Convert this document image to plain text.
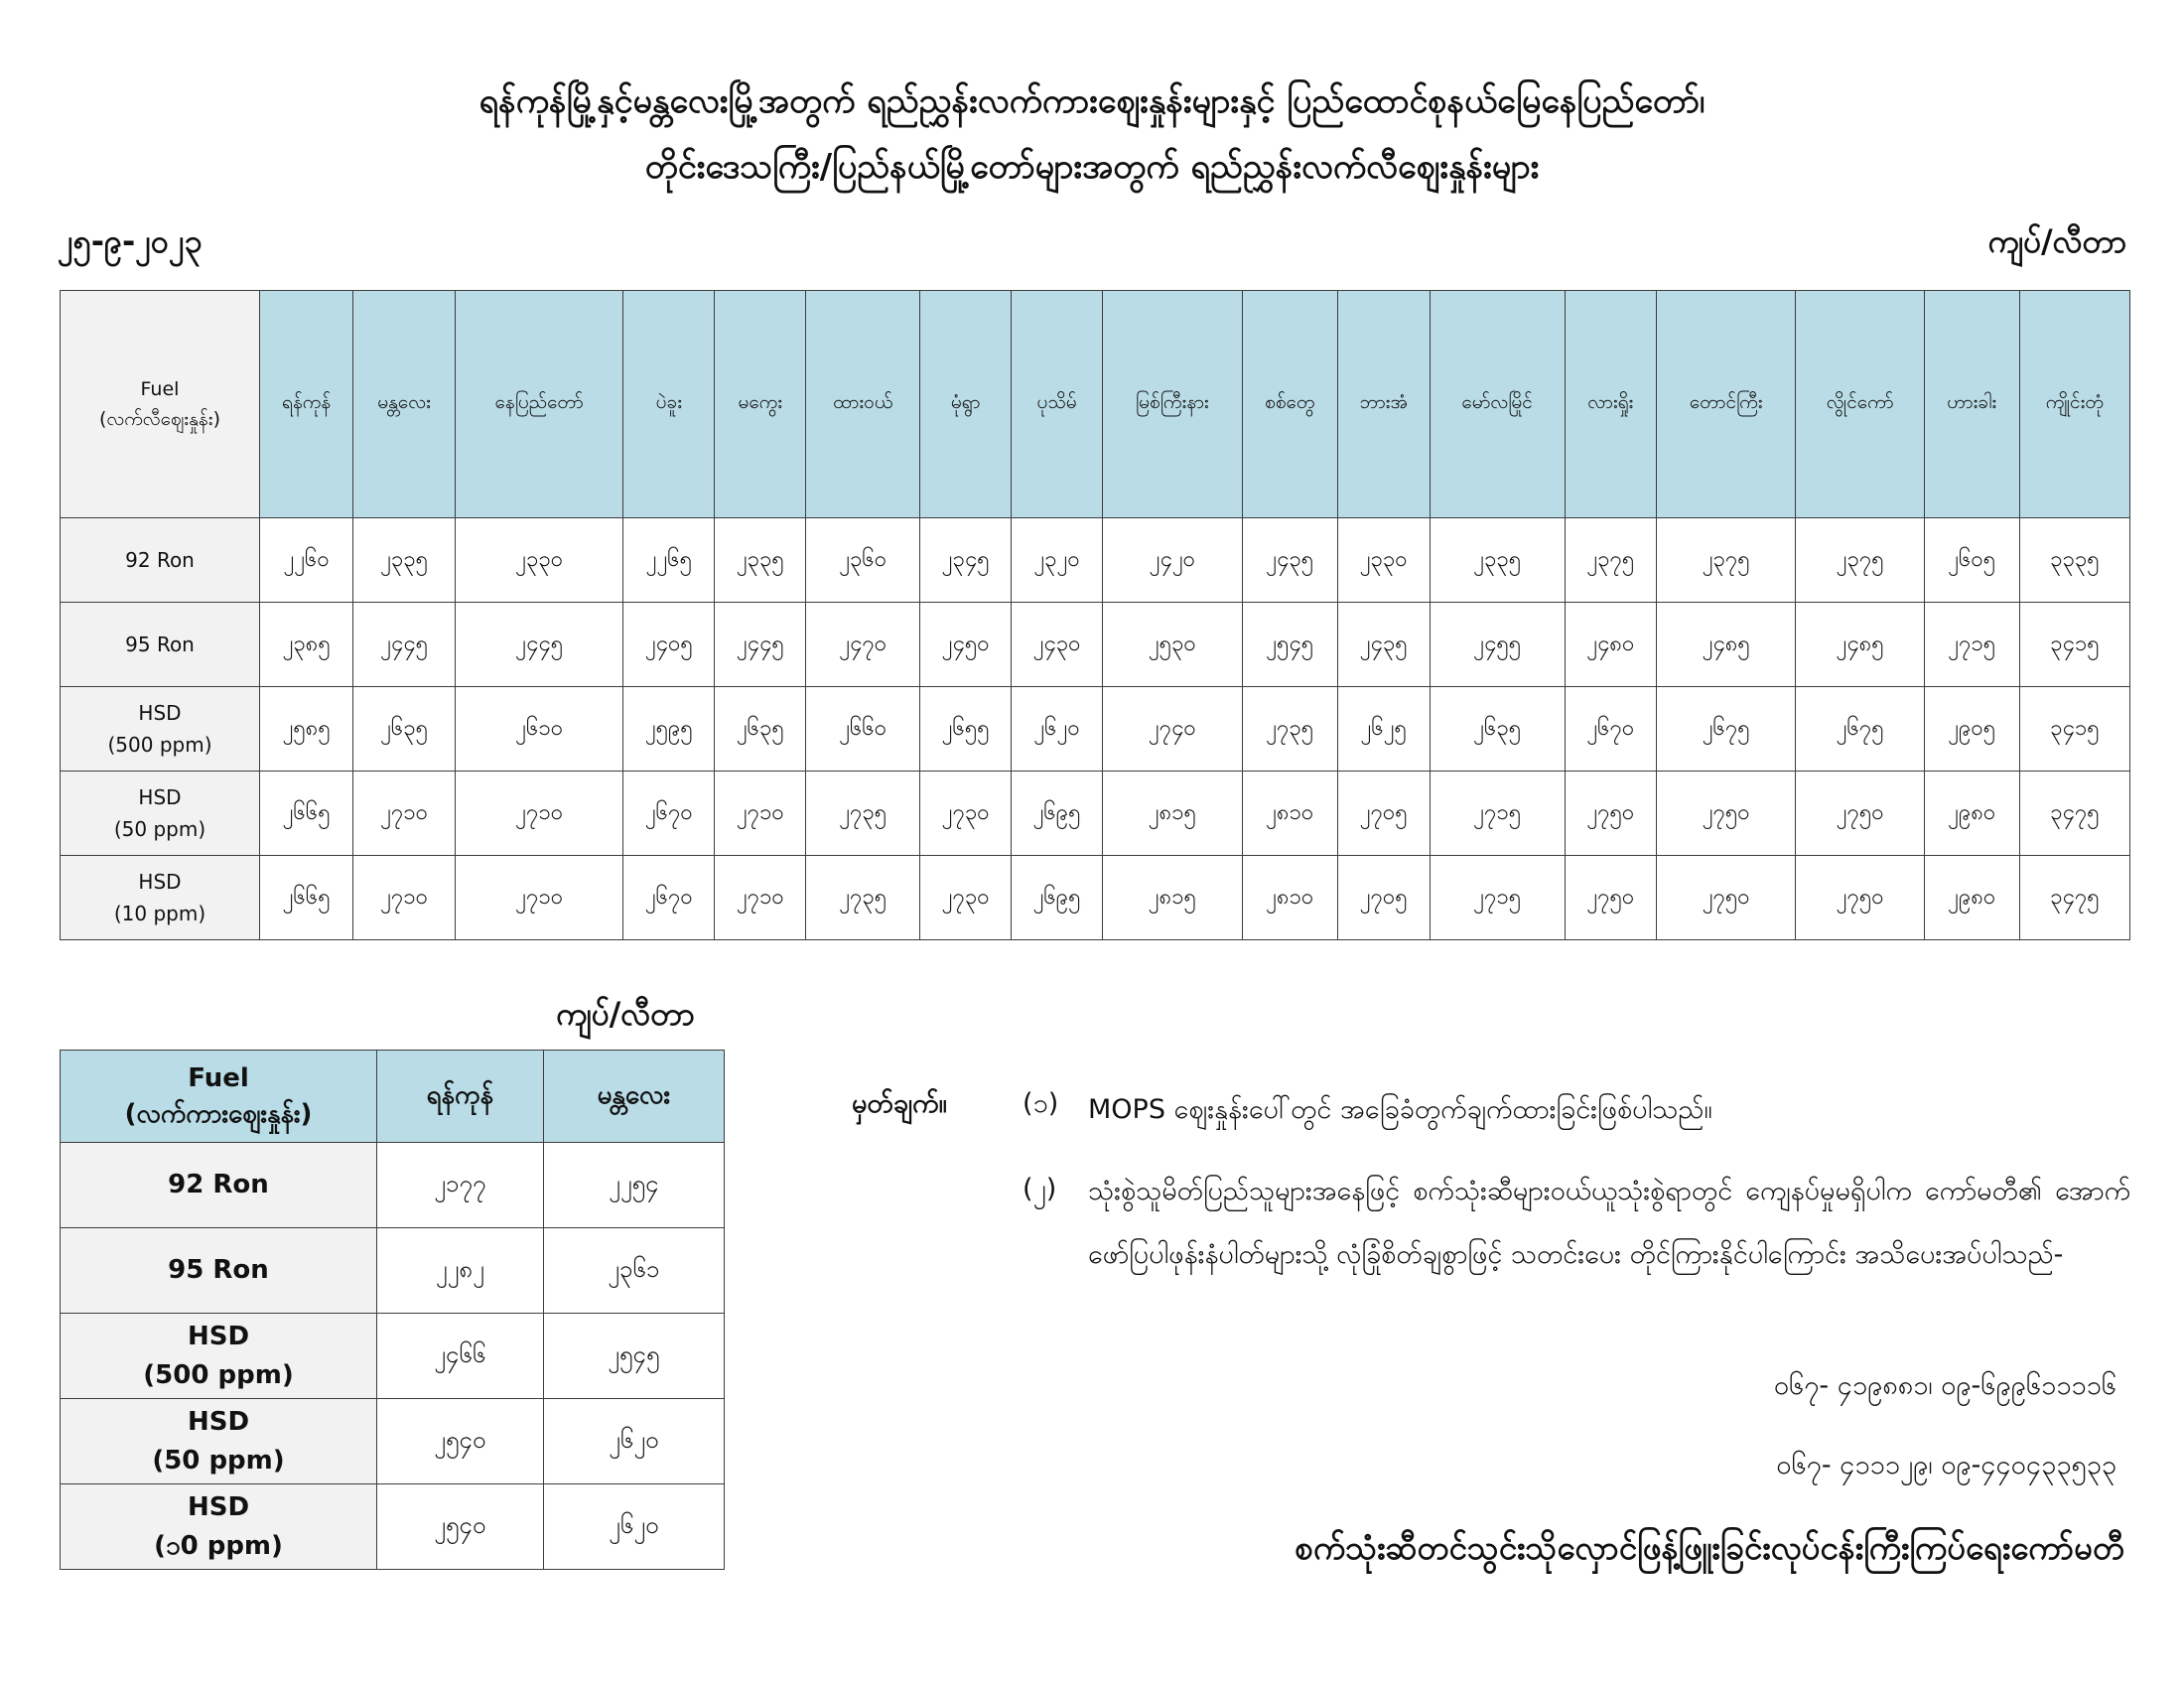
ရန်ကုန်မြို့နှင့်မန္တလေးမြို့အတွက် ရည်ညွှန်းလက်ကားဈေးနှုန်းများနှင့် ပြည်ထောင်စုနယ်မြေနေပြည်တော်၊
တိုင်းဒေသကြီး/ပြည်နယ်မြို့တော်များအတွက် ရည်ညွှန်းလက်လီဈေးနှုန်းများ
၂၅-၉-၂၀၂၃	ကျပ်/လီတာ
Fuel
(လက်လီဈေးနှုန်း)	ရန်ကုန်	မန္တလေး	နေပြည်တော်	ပဲခူး	မကွေး	ထားဝယ်	မုံရွာ	ပုသိမ်	မြစ်ကြီးနား	စစ်တွေ	ဘားအံ	မော်လမြိုင်	လားရှိုး	တောင်ကြီး	လွိုင်ကော်	ဟားခါး	ကျိုင်းတုံ

92 Ron	၂၂၆၀	၂၃၃၅	၂၃၃၀	၂၂၆၅	၂၃၃၅	၂၃၆၀	၂၃၄၅	၂၃၂၀	၂၄၂၀	၂၄၃၅	၂၃၃၀	၂၃၃၅	၂၃၇၅	၂၃၇၅	၂၃၇၅	၂၆၀၅	၃၃၃၅

95 Ron	၂၃၈၅	၂၄၄၅	၂၄၄၅	၂၄၀၅	၂၄၄၅	၂၄၇၀	၂၄၅၀	၂၄၃၀	၂၅၃၀	၂၅၄၅	၂၄၃၅	၂၄၅၅	၂၄၈၀	၂၄၈၅	၂၄၈၅	၂၇၁၅	၃၄၁၅

HSD
(500 ppm)	၂၅၈၅	၂၆၃၅	၂၆၁၀	၂၅၉၅	၂၆၃၅	၂၆၆၀	၂၆၅၅	၂၆၂၀	၂၇၄၀	၂၇၃၅	၂၆၂၅	၂၆၃၅	၂၆၇၀	၂၆၇၅	၂၆၇၅	၂၉၀၅	၃၄၁၅

HSD
(50 ppm)	၂၆၆၅	၂၇၁၀	၂၇၁၀	၂၆၇၀	၂၇၁၀	၂၇၃၅	၂၇၃၀	၂၆၉၅	၂၈၁၅	၂၈၁၀	၂၇၀၅	၂၇၁၅	၂၇၅၀	၂၇၅၀	၂၇၅၀	၂၉၈၀	၃၄၇၅

HSD
(10 ppm)	၂၆၆၅	၂၇၁၀	၂၇၁၀	၂၆၇၀	၂၇၁၀	၂၇၃၅	၂၇၃၀	၂၆၉၅	၂၈၁၅	၂၈၁၀	၂၇၀၅	၂၇၁၅	၂၇၅၀	၂၇၅၀	၂၇၅၀	၂၉၈၀	၃၄၇၅
ကျပ်/လီတာ
Fuel
(လက်ကားဈေးနှုန်း)	ရန်ကုန်	မန္တလေး

92 Ron	၂၁၇၇	၂၂၅၄

95 Ron	၂၂၈၂	၂၃၆၁

HSD
(500 ppm)	၂၄၆၆	၂၅၄၅

HSD
(50 ppm)	၂၅၄၀	၂၆၂၀

HSD
(၁0 ppm)	၂၅၄၀	၂၆၂၀
မှတ်ချက်။	(၁) MOPS ဈေးနှုန်းပေါ်တွင် အခြေခံတွက်ချက်ထားခြင်းဖြစ်ပါသည်။
(၂) သုံးစွဲသူမိတ်ပြည်သူများအနေဖြင့် စက်သုံးဆီများဝယ်ယူသုံးစွဲရာတွင် ကျေနပ်မှုမရှိပါက ကော်မတီ၏ အောက်ဖော်ပြပါဖုန်းနံပါတ်များသို့ လုံခြုံစိတ်ချစွာဖြင့် သတင်းပေး တိုင်ကြားနိုင်ပါကြောင်း အသိပေးအပ်ပါသည်-
၀၆၇- ၄၁၉၈၈၁၊ ၀၉-၆၉၉၆၁၁၁၁၆
၀၆၇- ၄၁၁၁၂၉၊ ၀၉-၄၄၀၄၃၃၅၃၃
စက်သုံးဆီတင်သွင်းသိုလှောင်ဖြန့်ဖြူးခြင်းလုပ်ငန်းကြီးကြပ်ရေးကော်မတီ
